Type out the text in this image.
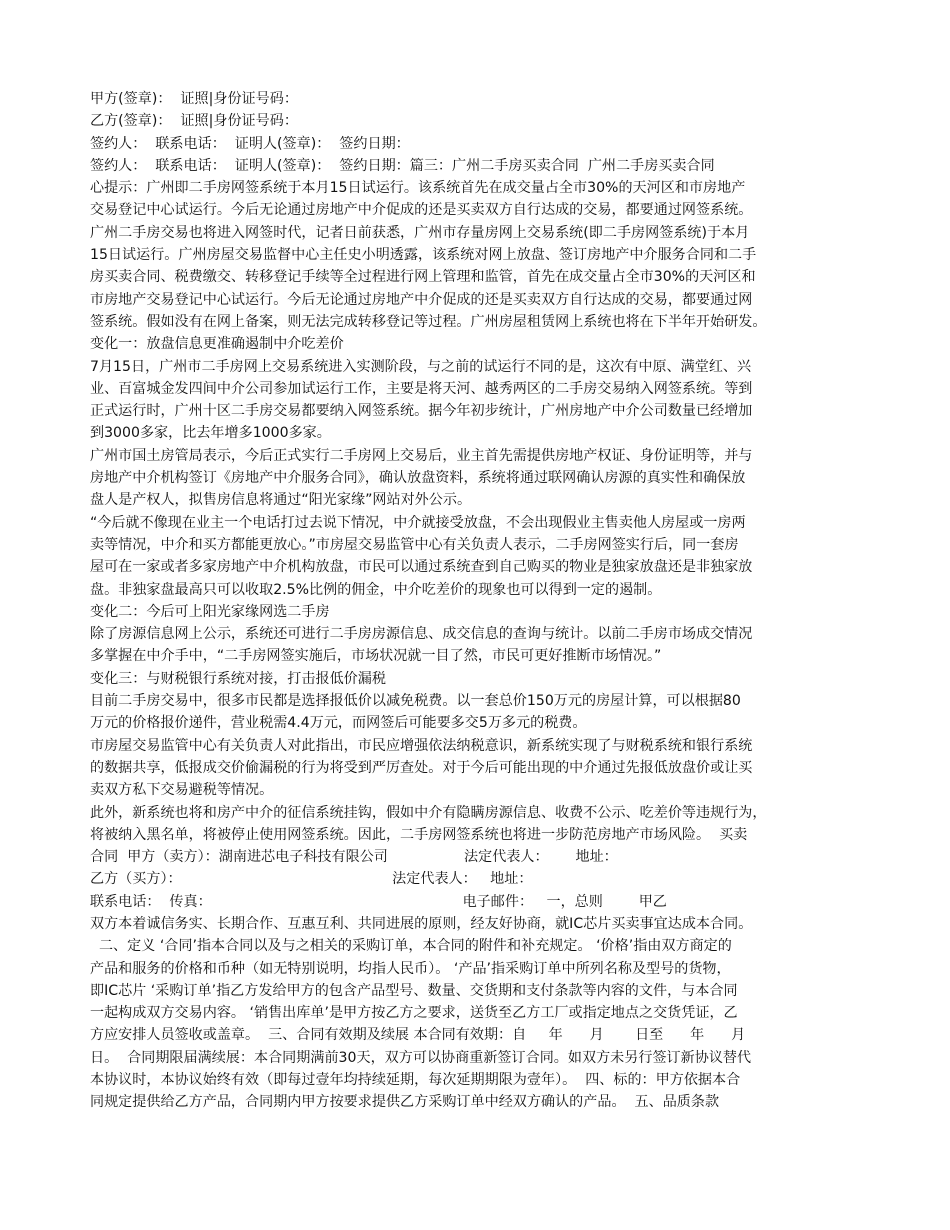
甲方(签章)：  证照|身份证号码：
乙方(签章)：  证照|身份证号码：
签约人：  联系电话：  证明人(签章)：  签约日期：
签约人：  联系电话：  证明人(签章)：  签约日期：篇三：广州二手房买卖合同  广州二手房买卖合同
心提示：广州即二手房网签系统于本月15日试运行。该系统首先在成交量占全市30%的天河区和市房地产
交易登记中心试运行。今后无论通过房地产中介促成的还是买卖双方自行达成的交易，都要通过网签系统。
广州二手房交易也将进入网签时代，记者日前获悉，广州市存量房网上交易系统(即二手房网签系统)于本月
15日试运行。广州房屋交易监督中心主任史小明透露，该系统对网上放盘、签订房地产中介服务合同和二手
房买卖合同、税费缴交、转移登记手续等全过程进行网上管理和监管，首先在成交量占全市30%的天河区和
市房地产交易登记中心试运行。今后无论通过房地产中介促成的还是买卖双方自行达成的交易，都要通过网
签系统。假如没有在网上备案，则无法完成转移登记等过程。广州房屋租赁网上系统也将在下半年开始研发。
变化一：放盘信息更准确遏制中介吃差价
7月15日，广州市二手房网上交易系统进入实测阶段，与之前的试运行不同的是，这次有中原、满堂红、兴
业、百富城金发四间中介公司参加试运行工作，主要是将天河、越秀两区的二手房交易纳入网签系统。等到
正式运行时，广州十区二手房交易都要纳入网签系统。据今年初步统计，广州房地产中介公司数量已经增加
到3000多家，比去年增多1000多家。
广州市国土房管局表示，今后正式实行二手房网上交易后，业主首先需提供房地产权证、身份证明等，并与
房地产中介机构签订《房地产中介服务合同》，确认放盘资料，系统将通过联网确认房源的真实性和确保放
盘人是产权人，拟售房信息将通过“阳光家缘”网站对外公示。
“今后就不像现在业主一个电话打过去说下情况，中介就接受放盘，不会出现假业主售卖他人房屋或一房两
卖等情况，中介和买方都能更放心。”市房屋交易监管中心有关负责人表示，二手房网签实行后，同一套房
屋可在一家或者多家房地产中介机构放盘，市民可以通过系统查到自己购买的物业是独家放盘还是非独家放
盘。非独家盘最高只可以收取2.5%比例的佣金，中介吃差价的现象也可以得到一定的遏制。
变化二：今后可上阳光家缘网选二手房
除了房源信息网上公示，系统还可进行二手房房源信息、成交信息的查询与统计。以前二手房市场成交情况
多掌握在中介手中，“二手房网签实施后，市场状况就一目了然，市民可更好推断市场情况。”
变化三：与财税银行系统对接，打击报低价漏税
目前二手房交易中，很多市民都是选择报低价以减免税费。以一套总价150万元的房屋计算，可以根据80
万元的价格报价递件，营业税需4.4万元，而网签后可能要多交5万多元的税费。
市房屋交易监管中心有关负责人对此指出，市民应增强依法纳税意识，新系统实现了与财税系统和银行系统
的数据共享，低报成交价偷漏税的行为将受到严厉查处。对于今后可能出现的中介通过先报低放盘价或让买
卖双方私下交易避税等情况。
此外，新系统也将和房产中介的征信系统挂钩，假如中介有隐瞒房源信息、收费不公示、吃差价等违规行为，
将被纳入黑名单，将被停止使用网签系统。因此，二手房网签系统也将进一步防范房地产市场风险。  买卖
合同  甲方（卖方）：湖南进芯电子科技有限公司                 法定代表人：      地址：
乙方（买方）：                                               法定代表人：   地址：
联系电话：  传真：                                                        电子邮件：   一，总则        甲乙
双方本着诚信务实、长期合作、互惠互利、共同进展的原则，经友好协商，就IC芯片买卖事宜达成本合同。
二、定义 ‘合同’指本合同以及与之相关的采购订单，本合同的附件和补充规定。 ‘价格’指由双方商定的
产品和服务的价格和币种（如无特别说明，均指人民币）。 ‘产品’指采购订单中所列名称及型号的货物，
即IC芯片 ‘采购订单’指乙方发给甲方的包含产品型号、数量、交货期和支付条款等内容的文件，与本合同
一起构成双方交易内容。 ‘销售出库单’是甲方按乙方之要求，送货至乙方工厂或指定地点之交货凭证，乙
方应安排人员签收或盖章。  三、合同有效期及续展 本合同有效期：自     年      月       日至      年      月
日。  合同期限届满续展：本合同期满前30天，双方可以协商重新签订合同。如双方未另行签订新协议替代
本协议时，本协议始终有效（即每过壹年均持续延期，每次延期期限为壹年）。  四、标的：甲方依据本合
同规定提供给乙方产品，合同期内甲方按要求提供乙方采购订单中经双方确认的产品。  五、品质条款
